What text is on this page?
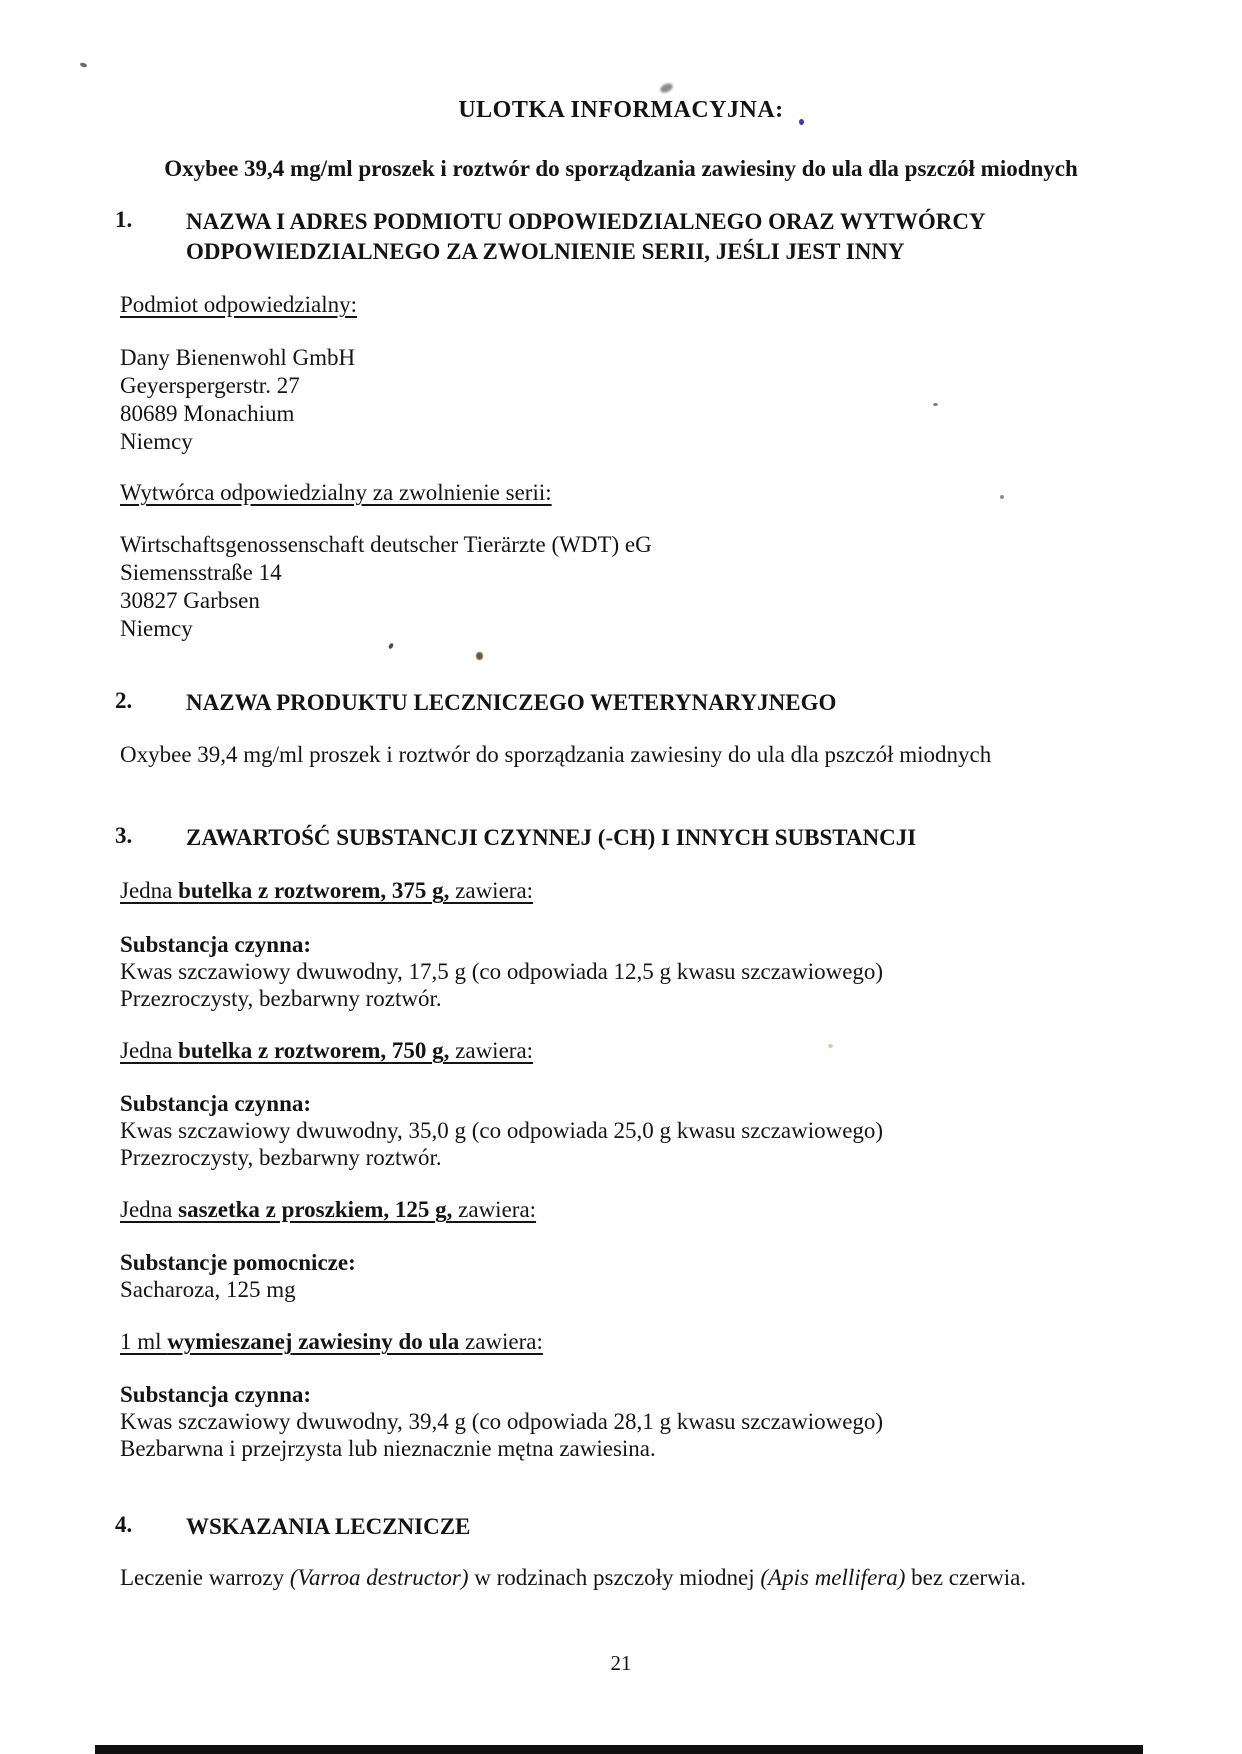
ULOTKA INFORMACYJNA:
Oxybee 39,4 mg/ml proszek i roztwór do sporządzania zawiesiny do ula dla pszczół miodnych
1. NAZWA I ADRES PODMIOTU ODPOWIEDZIALNEGO ORAZ WYTWÓRCY ODPOWIEDZIALNEGO ZA ZWOLNIENIE SERII, JEŚLI JEST INNY
Podmiot odpowiedzialny:
Dany Bienenwohl GmbH
Geyerspergerstr. 27
80689 Monachium
Niemcy
Wytwórca odpowiedzialny za zwolnienie serii:
Wirtschaftsgenossenschaft deutscher Tierärzte (WDT) eG
Siemensstraße 14
30827 Garbsen
Niemcy
2. NAZWA PRODUKTU LECZNICZEGO WETERYNARYJNEGO
Oxybee 39,4 mg/ml proszek i roztwór do sporządzania zawiesiny do ula dla pszczół miodnych
3. ZAWARTOŚĆ SUBSTANCJI CZYNNEJ (-CH) I INNYCH SUBSTANCJI
Jedna butelka z roztworem, 375 g, zawiera:
Substancja czynna:
Kwas szczawiowy dwuwodny, 17,5 g (co odpowiada 12,5 g kwasu szczawiowego)
Przezroczysty, bezbarwny roztwór.
Jedna butelka z roztworem, 750 g, zawiera:
Substancja czynna:
Kwas szczawiowy dwuwodny, 35,0 g (co odpowiada 25,0 g kwasu szczawiowego)
Przezroczysty, bezbarwny roztwór.
Jedna saszetka z proszkiem, 125 g, zawiera:
Substancje pomocnicze:
Sacharoza, 125 mg
1 ml wymieszanej zawiesiny do ula zawiera:
Substancja czynna:
Kwas szczawiowy dwuwodny, 39,4 g (co odpowiada 28,1 g kwasu szczawiowego)
Bezbarwna i przejrzysta lub nieznacznie mętna zawiesina.
4. WSKAZANIA LECZNICZE
Leczenie warrozy (Varroa destructor) w rodzinach pszczoły miodnej (Apis mellifera) bez czerwia.
21
